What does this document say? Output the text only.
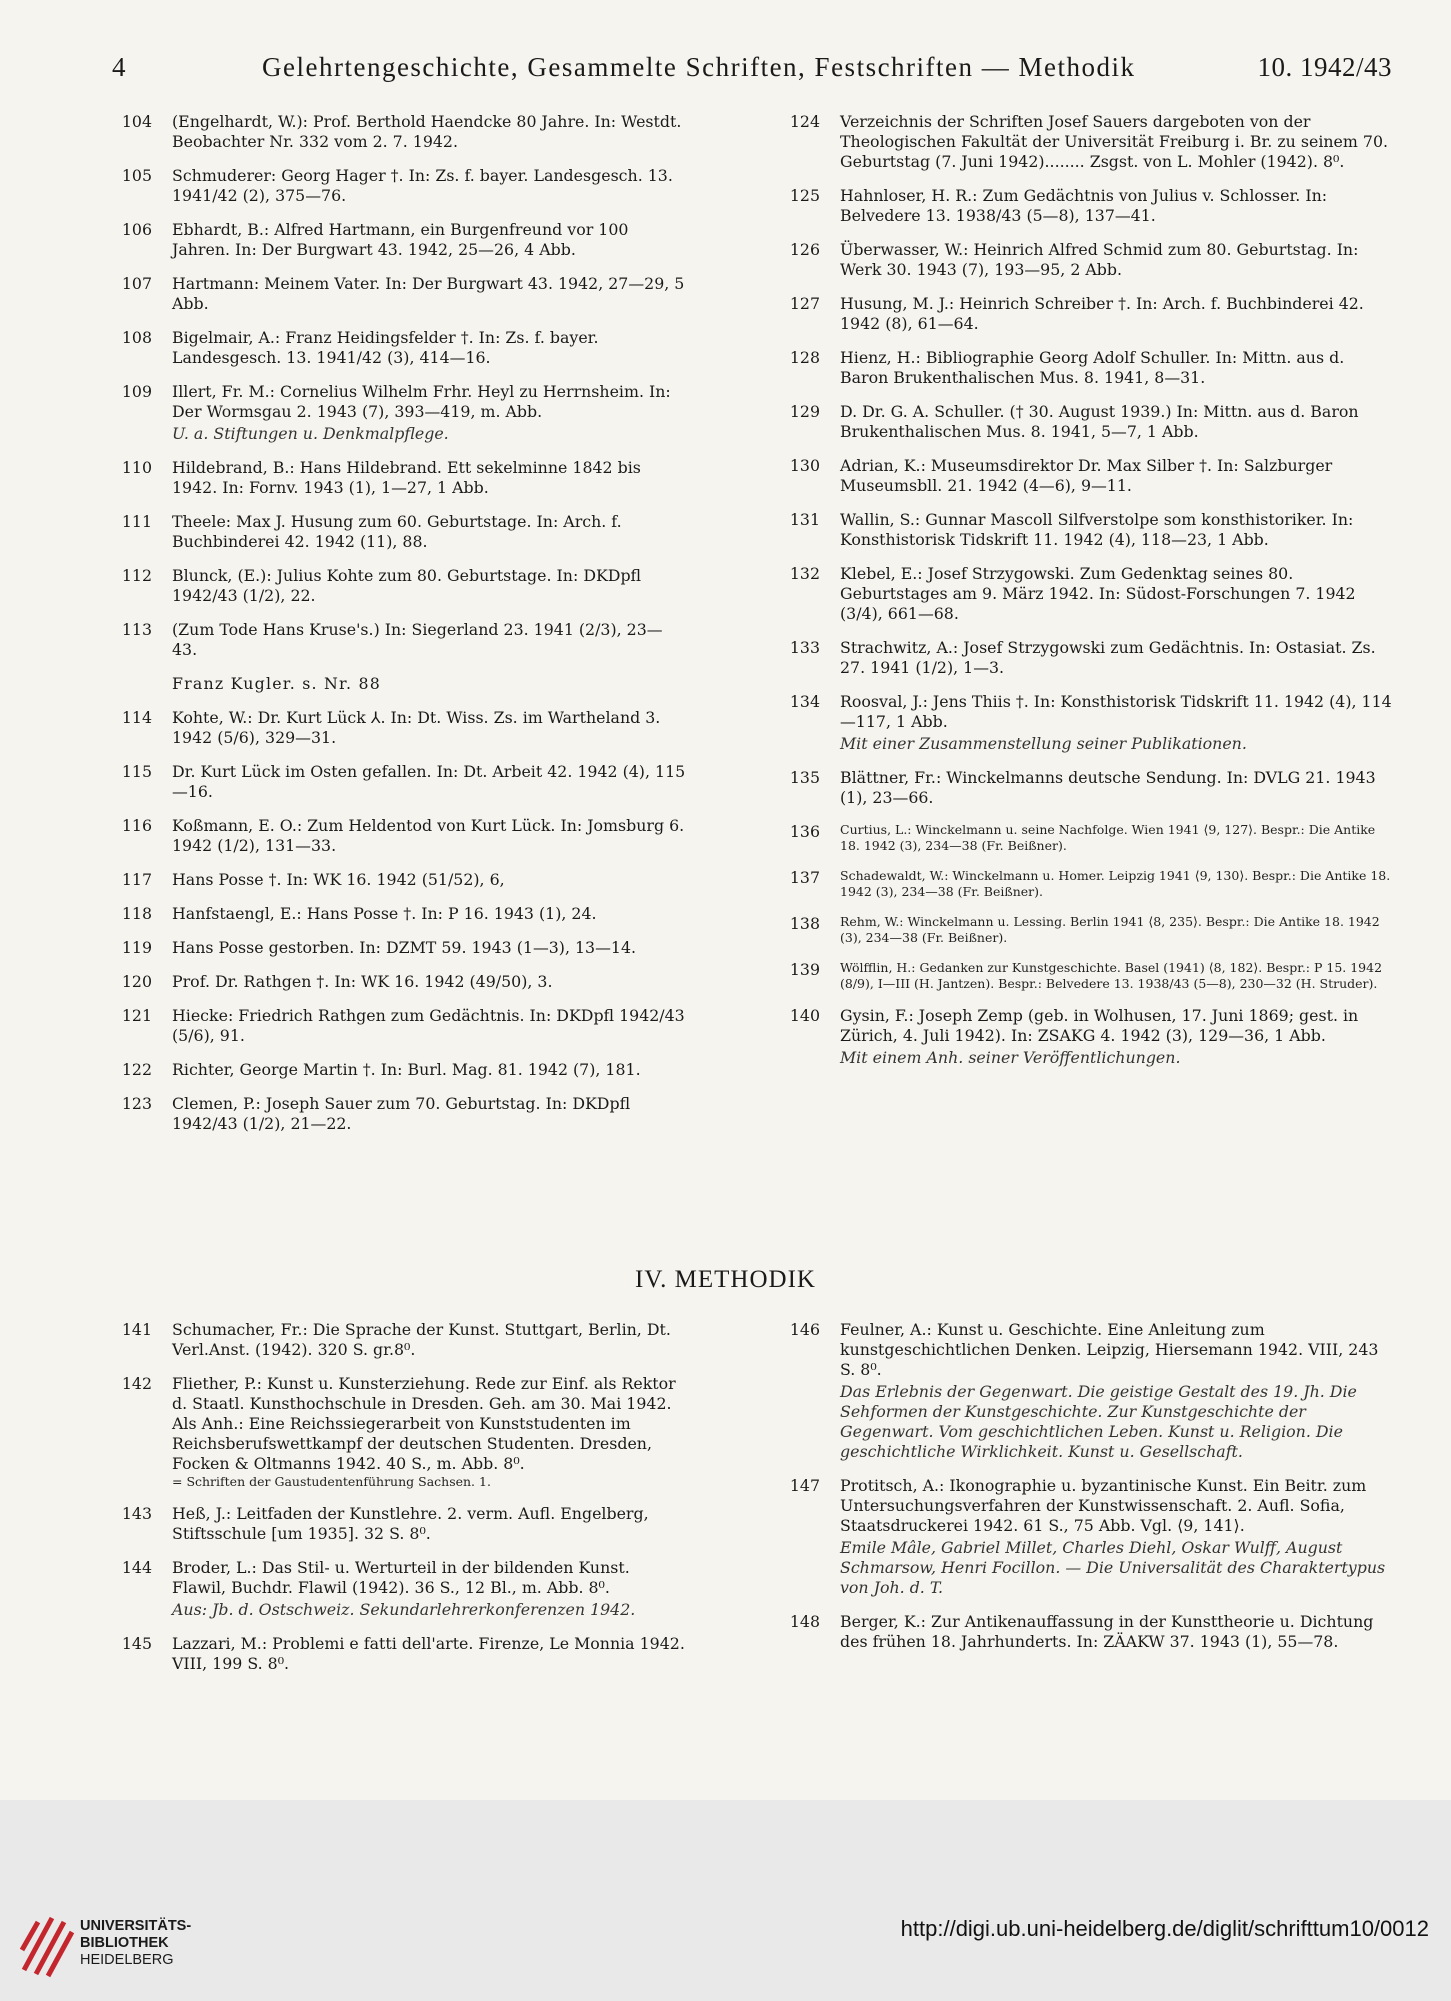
4	Gelehrtengeschichte, Gesammelte Schriften, Festschriften — Methodik	10. 1942/43
104 (Engelhardt, W.): Prof. Berthold Haendcke 80 Jahre. In: Westdt. Beobachter Nr. 332 vom 2. 7. 1942.
105 Schmuderer: Georg Hager †. In: Zs. f. bayer. Landesgesch. 13. 1941/42 (2), 375—76.
106 Ebhardt, B.: Alfred Hartmann, ein Burgenfreund vor 100 Jahren. In: Der Burgwart 43. 1942, 25—26, 4 Abb.
107 Hartmann: Meinem Vater. In: Der Burgwart 43. 1942, 27—29, 5 Abb.
108 Bigelmair, A.: Franz Heidingsfelder †. In: Zs. f. bayer. Landesgesch. 13. 1941/42 (3), 414—16.
109 Illert, Fr. M.: Cornelius Wilhelm Frhr. Heyl zu Herrnsheim. In: Der Wormsgau 2. 1943 (7), 393—419, m. Abb.
U. a. Stiftungen u. Denkmalpflege.
110 Hildebrand, B.: Hans Hildebrand. Ett sekelminne 1842 bis 1942. In: Fornv. 1943 (1), 1—27, 1 Abb.
111 Theele: Max J. Husung zum 60. Geburtstage. In: Arch. f. Buchbinderei 42. 1942 (11), 88.
112 Blunck, (E.): Julius Kohte zum 80. Geburtstage. In: DKDpfl 1942/43 (1/2), 22.
113 (Zum Tode Hans Kruse's.) In: Siegerland 23. 1941 (2/3), 23—43.
Franz Kugler. s. Nr. 88
114 Kohte, W.: Dr. Kurt Lück ⅄. In: Dt. Wiss. Zs. im Wartheland 3. 1942 (5/6), 329—31.
115 Dr. Kurt Lück im Osten gefallen. In: Dt. Arbeit 42. 1942 (4), 115—16.
116 Koßmann, E. O.: Zum Heldentod von Kurt Lück. In: Jomsburg 6. 1942 (1/2), 131—33.
117 Hans Posse †. In: WK 16. 1942 (51/52), 6,
118 Hanfstaengl, E.: Hans Posse †. In: P 16. 1943 (1), 24.
119 Hans Posse gestorben. In: DZMT 59. 1943 (1—3), 13—14.
120 Prof. Dr. Rathgen †. In: WK 16. 1942 (49/50), 3.
121 Hiecke: Friedrich Rathgen zum Gedächtnis. In: DKDpfl 1942/43 (5/6), 91.
122 Richter, George Martin †. In: Burl. Mag. 81. 1942 (7), 181.
123 Clemen, P.: Joseph Sauer zum 70. Geburtstag. In: DKDpfl 1942/43 (1/2), 21—22.
124 Verzeichnis der Schriften Josef Sauers dargeboten von der Theologischen Fakultät der Universität Freiburg i. Br. zu seinem 70. Geburtstag (7. Juni 1942)........ Zsgst. von L. Mohler (1942). 8⁰.
125 Hahnloser, H. R.: Zum Gedächtnis von Julius v. Schlosser. In: Belvedere 13. 1938/43 (5—8), 137—41.
126 Überwasser, W.: Heinrich Alfred Schmid zum 80. Geburtstag. In: Werk 30. 1943 (7), 193—95, 2 Abb.
127 Husung, M. J.: Heinrich Schreiber †. In: Arch. f. Buchbinderei 42. 1942 (8), 61—64.
128 Hienz, H.: Bibliographie Georg Adolf Schuller. In: Mittn. aus d. Baron Brukenthalischen Mus. 8. 1941, 8—31.
129 D. Dr. G. A. Schuller. († 30. August 1939.) In: Mittn. aus d. Baron Brukenthalischen Mus. 8. 1941, 5—7, 1 Abb.
130 Adrian, K.: Museumsdirektor Dr. Max Silber †. In: Salzburger Museumsbll. 21. 1942 (4—6), 9—11.
131 Wallin, S.: Gunnar Mascoll Silfverstolpe som konsthistoriker. In: Konsthistorisk Tidskrift 11. 1942 (4), 118—23, 1 Abb.
132 Klebel, E.: Josef Strzygowski. Zum Gedenktag seines 80. Geburtstages am 9. März 1942. In: Südost-Forschungen 7. 1942 (3/4), 661—68.
133 Strachwitz, A.: Josef Strzygowski zum Gedächtnis. In: Ostasiat. Zs. 27. 1941 (1/2), 1—3.
134 Roosval, J.: Jens Thiis †. In: Konsthistorisk Tidskrift 11. 1942 (4), 114—117, 1 Abb.
Mit einer Zusammenstellung seiner Publikationen.
135 Blättner, Fr.: Winckelmanns deutsche Sendung. In: DVLG 21. 1943 (1), 23—66.
136 Curtius, L.: Winckelmann u. seine Nachfolge. Wien 1941 ⟨9, 127⟩. Bespr.: Die Antike 18. 1942 (3), 234—38 (Fr. Beißner).
137 Schadewaldt, W.: Winckelmann u. Homer. Leipzig 1941 ⟨9, 130⟩. Bespr.: Die Antike 18. 1942 (3), 234—38 (Fr. Beißner).
138 Rehm, W.: Winckelmann u. Lessing. Berlin 1941 ⟨8, 235⟩. Bespr.: Die Antike 18. 1942 (3), 234—38 (Fr. Beißner).
139 Wölfflin, H.: Gedanken zur Kunstgeschichte. Basel (1941) ⟨8, 182⟩. Bespr.: P 15. 1942 (8/9), I—III (H. Jantzen). Bespr.: Belvedere 13. 1938/43 (5—8), 230—32 (H. Struder).
140 Gysin, F.: Joseph Zemp (geb. in Wolhusen, 17. Juni 1869; gest. in Zürich, 4. Juli 1942). In: ZSAKG 4. 1942 (3), 129—36, 1 Abb.
Mit einem Anh. seiner Veröffentlichungen.
IV. METHODIK
141 Schumacher, Fr.: Die Sprache der Kunst. Stuttgart, Berlin, Dt. Verl.Anst. (1942). 320 S. gr.8⁰.
142 Fliether, P.: Kunst u. Kunsterziehung. Rede zur Einf. als Rektor d. Staatl. Kunsthochschule in Dresden. Geh. am 30. Mai 1942. Als Anh.: Eine Reichssiegerarbeit von Kunststudenten im Reichsberufswettkampf der deutschen Studenten. Dresden, Focken & Oltmanns 1942. 40 S., m. Abb. 8⁰.
= Schriften der Gaustudentenführung Sachsen. 1.
143 Heß, J.: Leitfaden der Kunstlehre. 2. verm. Aufl. Engelberg, Stiftsschule [um 1935]. 32 S. 8⁰.
144 Broder, L.: Das Stil- u. Werturteil in der bildenden Kunst. Flawil, Buchdr. Flawil (1942). 36 S., 12 Bl., m. Abb. 8⁰.
Aus: Jb. d. Ostschweiz. Sekundarlehrerkonferenzen 1942.
145 Lazzari, M.: Problemi e fatti dell'arte. Firenze, Le Monnia 1942. VIII, 199 S. 8⁰.
146 Feulner, A.: Kunst u. Geschichte. Eine Anleitung zum kunstgeschichtlichen Denken. Leipzig, Hiersemann 1942. VIII, 243 S. 8⁰.
Das Erlebnis der Gegenwart. Die geistige Gestalt des 19. Jh. Die Sehformen der Kunstgeschichte. Zur Kunstgeschichte der Gegenwart. Vom geschichtlichen Leben. Kunst u. Religion. Die geschichtliche Wirklichkeit. Kunst u. Gesellschaft.
147 Protitsch, A.: Ikonographie u. byzantinische Kunst. Ein Beitr. zum Untersuchungsverfahren der Kunstwissenschaft. 2. Aufl. Sofia, Staatsdruckerei 1942. 61 S., 75 Abb. Vgl. ⟨9, 141⟩.
Emile Mâle, Gabriel Millet, Charles Diehl, Oskar Wulff, August Schmarsow, Henri Focillon. — Die Universalität des Charaktertypus von Joh. d. T.
148 Berger, K.: Zur Antikenauffassung in der Kunsttheorie u. Dichtung des frühen 18. Jahrhunderts. In: ZÄAKW 37. 1943 (1), 55—78.
UNIVERSITÄTS-
BIBLIOTHEK
HEIDELBERG
http://digi.ub.uni-heidelberg.de/diglit/schrifttum10/0012
